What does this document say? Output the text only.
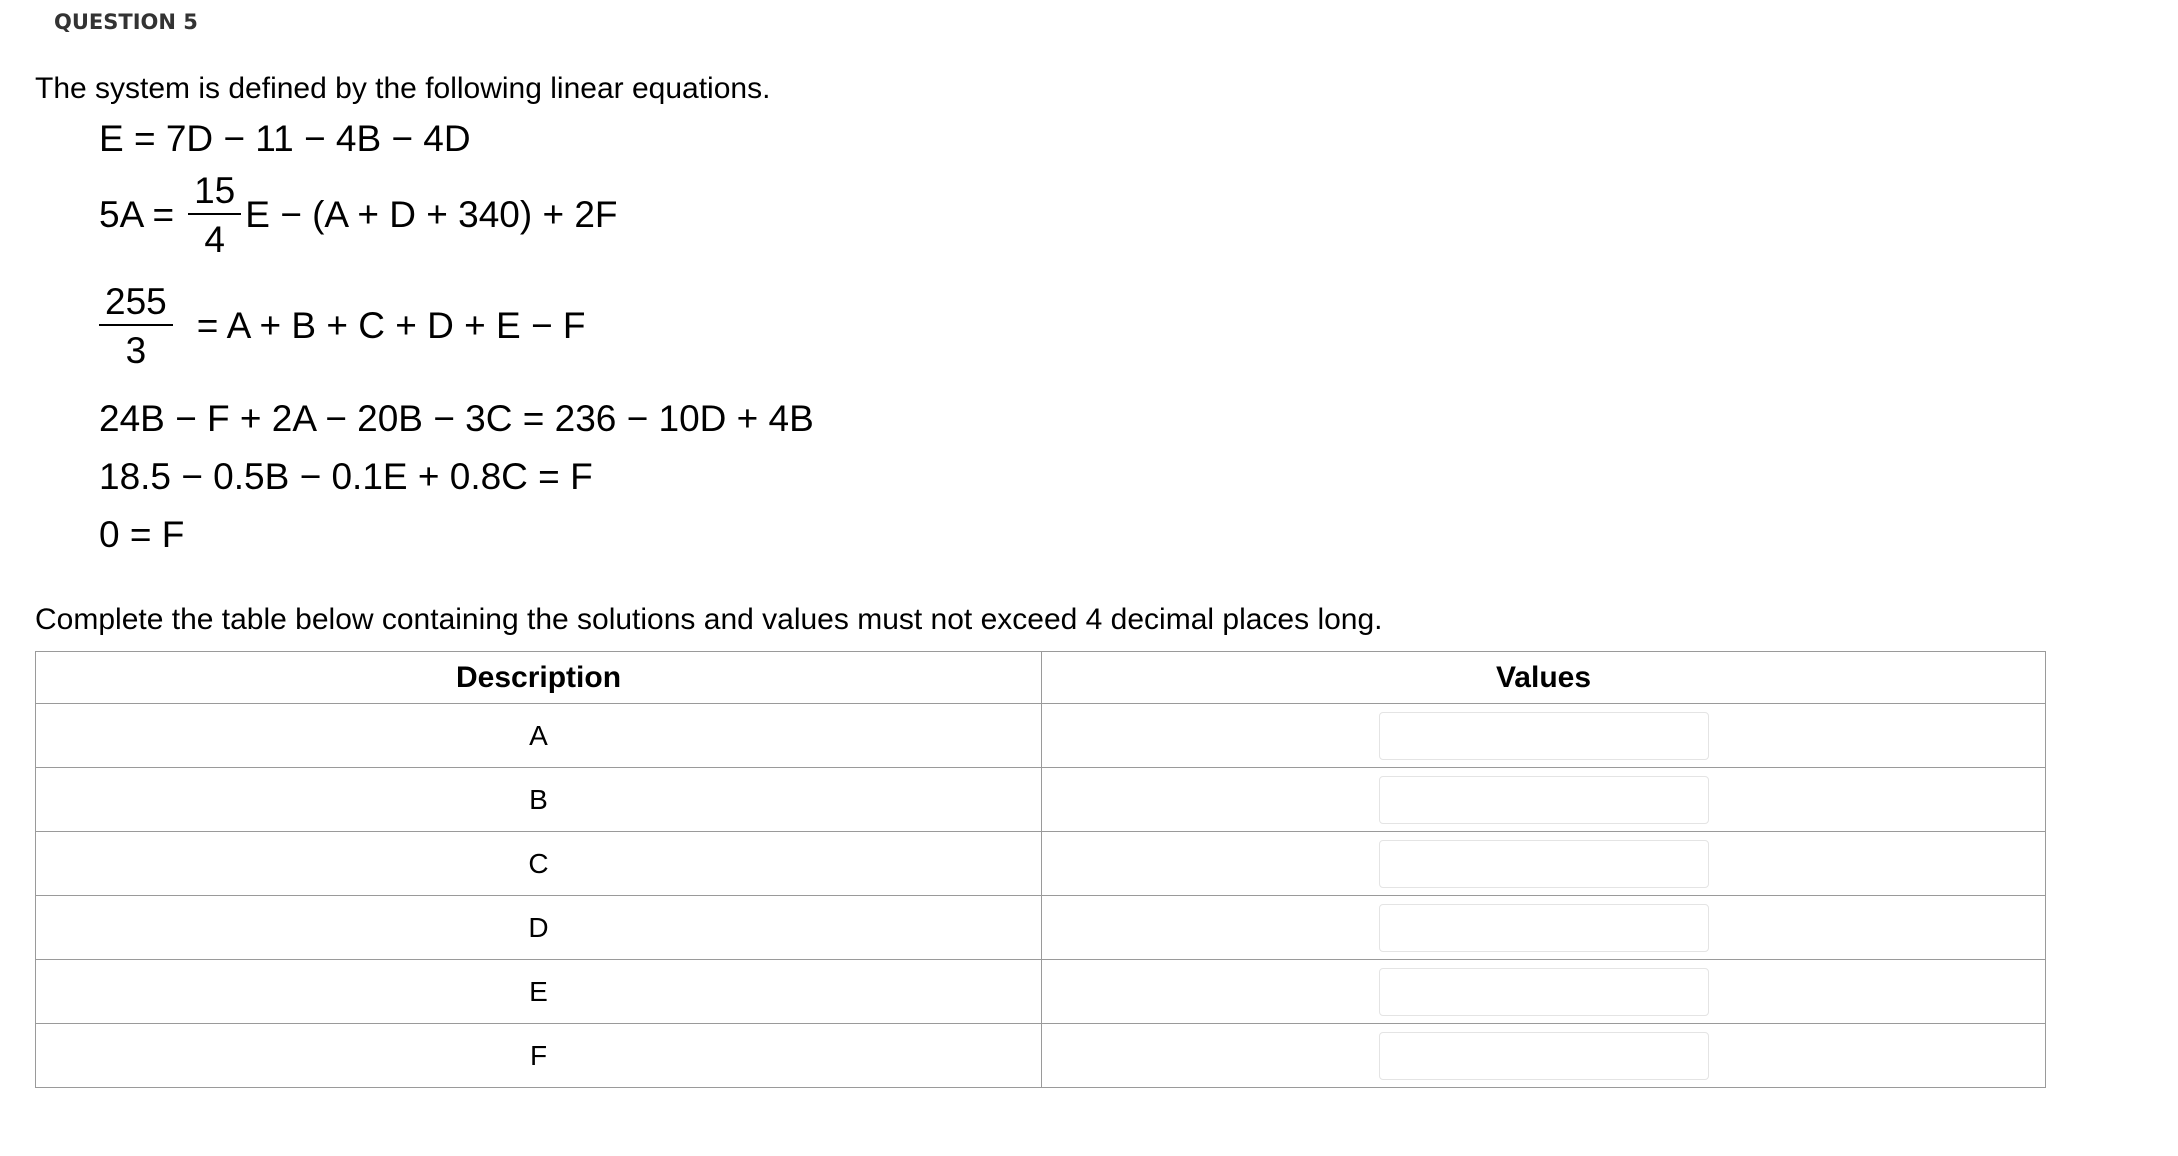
QUESTION 5
The system is defined by the following linear equations.
E = 7D − 11 − 4B − 4D
$5A = \frac{15}{4}$ E − (A + D + 340) + 2F
$\frac{255}{3} = A + B + C + D + E - F$
24B − F + 2A − 20B − 3C = 236 − 10D + 4B
18.5 − 0.5B − 0.1E + 0.8C = F
0 = F
Complete the table below containing the solutions and values must not exceed 4 decimal places long.
Description	Values
A	

B	

C	

D	

E	

F	
